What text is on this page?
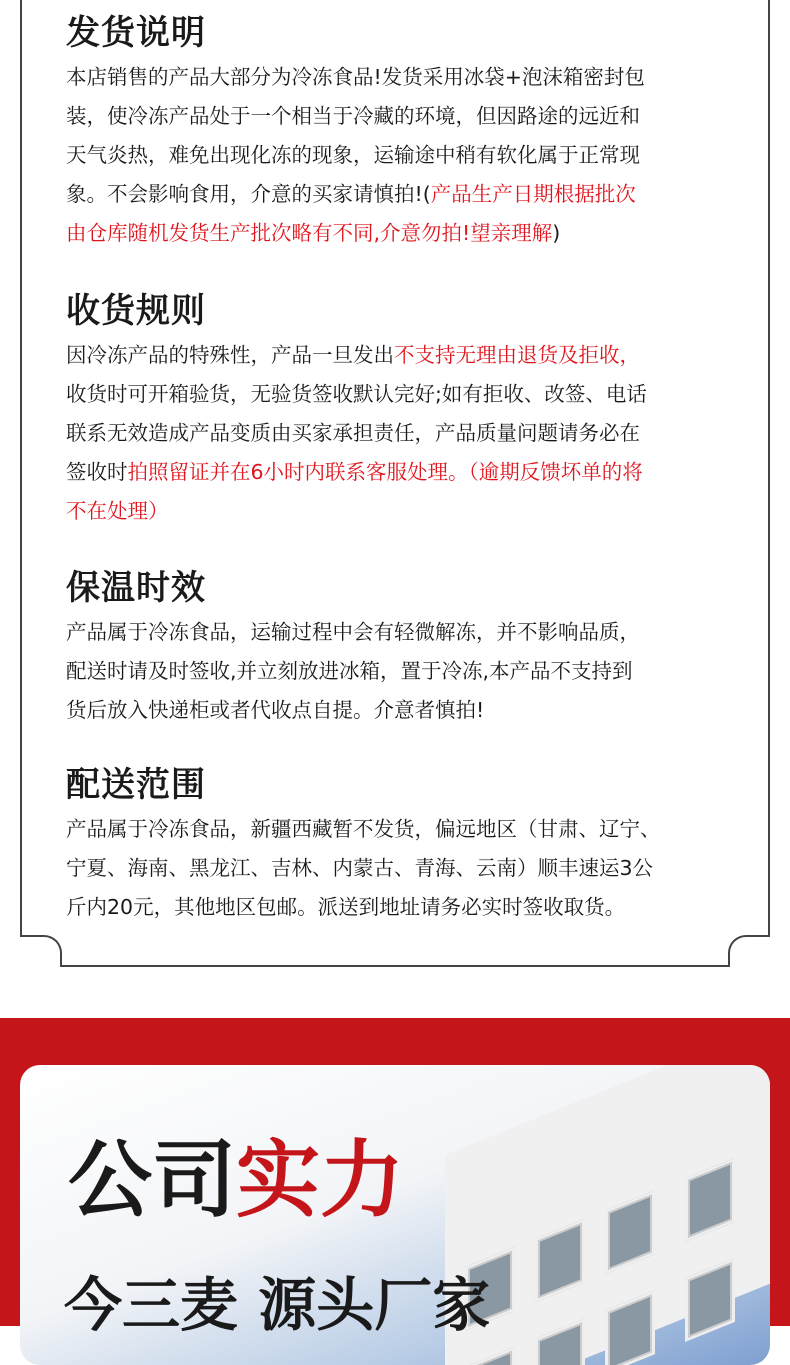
发货说明
本店销售的产品大部分为冷冻食品!发货采用冰袋+泡沫箱密封包
装，使冷冻产品处于一个相当于冷藏的环境，但因路途的远近和
天气炎热，难免出现化冻的现象，运输途中稍有软化属于正常现
象。不会影响食用，介意的买家请慎拍!(产品生产日期根据批次
由仓库随机发货生产批次略有不同,介意勿拍!望亲理解)
收货规则
因冷冻产品的特殊性，产品一旦发出不支持无理由退货及拒收，
收货时可开箱验货，无验货签收默认完好;如有拒收、改签、电话
联系无效造成产品变质由买家承担责任，产品质量问题请务必在
签收时拍照留证并在6小时内联系客服处理。（逾期反馈坏单的将
不在处理）
保温时效
产品属于冷冻食品，运输过程中会有轻微解冻，并不影响品质，
配送时请及时签收,并立刻放进冰箱，置于冷冻,本产品不支持到
货后放入快递柜或者代收点自提。介意者慎拍!
配送范围
产品属于冷冻食品，新疆西藏暂不发货，偏远地区（甘肃、辽宁、
宁夏、海南、黑龙江、吉林、内蒙古、青海、云南）顺丰速运3公
斤内20元，其他地区包邮。派送到地址请务必实时签收取货。
公司实力
今三麦 源头厂家
